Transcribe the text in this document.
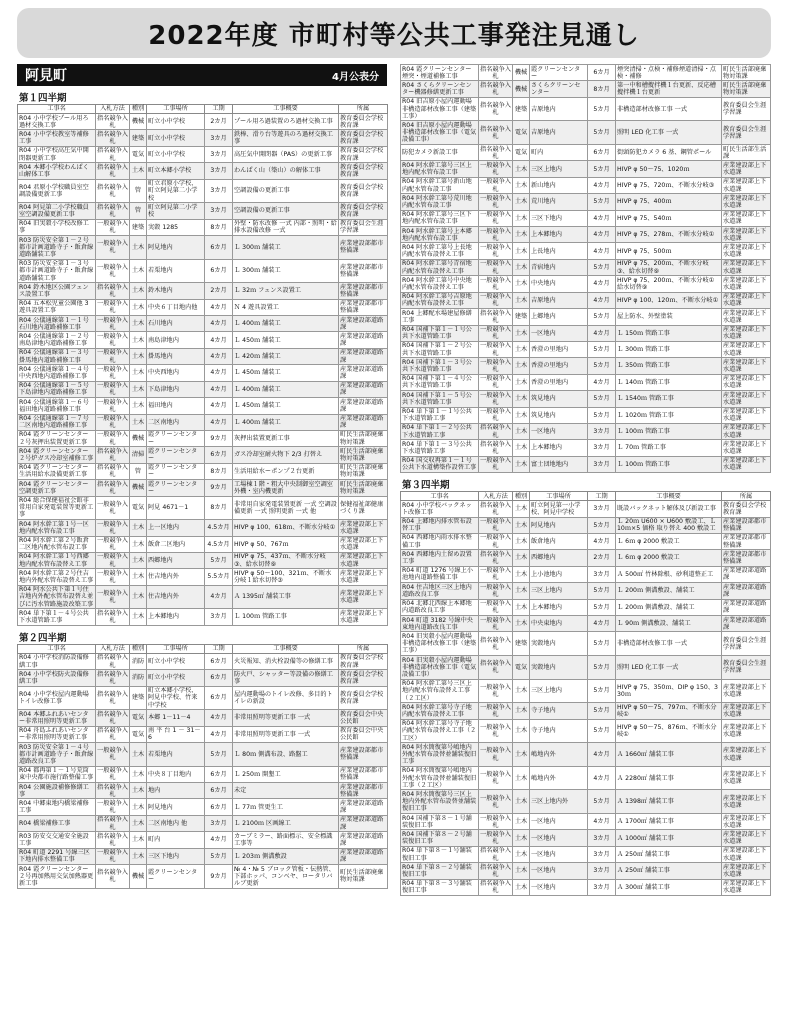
2022年度 市町村等公共工事発注見通し
阿見町	4月公表分
第１四半期
工事名	入札方法	種別	工事場所	工期	工事概要	所属
R04 小中学校プール用ろ過材交換工事	指名競争入札	機械	町立小中学校	2カ月	プール用ろ過装置のろ過材交換工事	教育委員会学校教育課
R04 小中学校教室等補修工事	指名競争入札	建築	町立小中学校	3カ月	鉄棒、滑り台等遊具のろ過材交換工事	教育委員会学校教育課
R04 小中学校高圧気中開閉器更新工事	指名競争入札	電気	町立小中学校	3カ月	高圧気中開閉器（PAS）の更新工事	教育委員会学校教育課
R04 本郷小学校わんぱく山解体工事	指名競争入札	土木	町立本郷小学校	3カ月	わんぱく山（築山）の解体工事	教育委員会学校教育課
R04 君原小学校職員室空調設備更新工事	指名競争入札	管	町立君原小学校、町立阿見第二小学校	3カ月	空調設備の更新工事	教育委員会学校教育課
R04 阿見第二小学校職員室空調設備更新工事	指名競争入札	管	町立阿見第二小学校	3カ月	空調設備の更新工事	教育委員会学校教育課
R04 旧実穀小学校改修工事	一般競争入札	建築	実穀 1285	8カ月	外壁・防水改修 一式 内部・照明・給排水設備改修 一式	教育委員会生涯学習課
R03 防災安全第１－２号都市計画道路寺子・飯倉線道路舗装工事	一般競争入札	土木	阿見地内	6カ月	Ｌ 300ｍ 舗装工	産業建設部都市整備課
R03 防災安全第１－３号都市計画道路寺子・飯倉線道路舗装工事	一般競争入札	土木	若栗地内	6カ月	Ｌ 300ｍ 舗装工	産業建設部都市整備課
R04 鈴木地区公園フェンス設置工事	指名競争入札	土木	鈴木地内	2カ月	Ｌ 32ｍ フェンス設置工	産業建設部都市整備課
R04 五本松児童公園他 3 遊具設置工事	一般競争入札	土木	中央６丁目地内他	4カ月	Ｎ 4 遊具設置工	産業建設部都市整備課
R04 公儀通線第１－１号石川地内道路補修工事	一般競争入札	土木	石川地内	4カ月	Ｌ 400ｍ 舗装工	産業建設部道路課
R04 公儀通線第１－２号南島津地内道路補修工事	一般競争入札	土木	南島津地内	4カ月	Ｌ 450ｍ 舗装工	産業建設部道路課
R04 公儀通線第１－３号掛馬地内道路補修工事	一般競争入札	土木	掛馬地内	4カ月	Ｌ 420ｍ 舗装工	産業建設部道路課
R04 公儀通線第１－４号中央西地内道路補修工事	一般競争入札	土木	中央西地内	4カ月	Ｌ 450ｍ 舗装工	産業建設部道路課
R04 公儀通線第１－５号下島津地内道路補修工事	一般競争入札	土木	下島津地内	4カ月	Ｌ 400ｍ 舗装工	産業建設部道路課
R04 公儀通線第１－６号福田地内道路補修工事	一般競争入札	土木	福田地内	4カ月	Ｌ 450ｍ 舗装工	産業建設部道路課
R04 公儀通線第１－７号二区南地内道路補修工事	一般競争入札	土木	二区南地内	4カ月	Ｌ 400ｍ 舗装工	産業建設部道路課
R04 霞クリーンセンター２号灰押出装置更新工事	一般競争入札	機械	霞クリーンセンター	9カ月	灰押出装置更新工事	町民生活部廃棄物対策課
R04 霞クリーンセンター２号炉ガス冷却室補修工事	指名競争入札	清掃	霞クリーンセンター	6カ月	ガス冷却室耐火物下 2/3 打替え	町民生活部廃棄物対策課
R04 霞クリーンセンター生活用給水設備更新工事	指名競争入札	管	霞クリーンセンター	8カ月	生活用給水ーポンプ２台更新	町民生活部廃棄物対策課
R04 霞クリーンセンター空調更新工事	指名競争入札	機械	霞クリーンセンター	9カ月	工場棟１階・粗大中央制御室空調室外機・室内機更新	町民生活部廃棄物対策課
R04 総合保健福祉会館非常用自家発電装置等更新工事	一般競争入札	電気	阿見 4671－1	8カ月	非常用自家発電装置更新 一式 空調設備更新 一式 照明更新 一式 他	保健福祉部健康づくり課
R04 阿水幹工第１号一区地内配水管布設工事	一般競争入札	土木	上一区地内	4.5カ月	HIVP φ 100、618ｍ、不断水分岐①	産業建設部上下水道課
R04 阿水幹工第２号飯倉二区地内配水管布設工事	一般競争入札	土木	飯倉二区地内	4.5カ月	HIVP φ 50、767ｍ	産業建設部上下水道課
R04 阿水幹工第１号西郷地内配水管布設替え工事	一般競争入札	土木	西郷地内	5カ月	HIVP φ 75、437ｍ、不断水分岐③、給水切替⑨	産業建設部上下水道課
R04 阿水幹工第２号住吉地内外配水管布設替え工事	一般競争入札	土木	住吉地内外	5.5カ月	HIVP φ 50～100、321ｍ、不断水分岐１給水切替③	産業建設部上下水道課
R04 阿水公共下第１号住吉地内外配水管布設替え並びに汚水管路施設改築工事	一般競争入札	土木	住吉地内外	4カ月	Ａ 1395㎡ 舗装工事	産業建設部上下水道課
R04 単下第１－４号公共下水道管路工事	指名競争入札	土木	上本郷地内	3カ月	Ｌ 100ｍ 管路工事	産業建設部上下水道課
第２四半期
工事名	入札方法	種別	工事場所	工期	工事概要	所属
R04 小中学校消防設備修繕工事	指名競争入札	消防	町立小中学校	6カ月	火災報知、消火栓設備等の修繕工事	教育委員会学校教育課
R04 小中学校防火設備修繕工事	指名競争入札	消防	町立小中学校	6カ月	防火戸、シャッター等設備の修繕工事	教育委員会学校教育課
R04 小中学校屋内運動場トイレ改修工事	指名競争入札	建築	町立本郷小学校、阿見中学校、竹来中学校	6カ月	屋内運動場のトイレ改修、多目的トイレの新設	教育委員会学校教育課
R04 本郷ふれあいセンター非常用照明等更新工事	指名競争入札	電気	本郷 1－11－4	4カ月	非常用照明等更新工事 一式	教育委員会中央公民館
R04 舟島ふれあいセンター非常用照明等更新工事	指名競争入札	電気	南 平 台 1 － 31－6	4カ月	非常用照明等更新工事 一式	教育委員会中央公民館
R03 防災安全第１－４号都市計画道路寺子・飯倉線道路改良工事	一般競争入札	土木	若栗地内	5カ月	Ｌ 80ｍ 側溝布設、路盤工	産業建設部都市整備課
R04 都再第１－１号荒筒東中央都市施行路整備工事	一般競争入札	土木	中央８丁目地内	6カ月	Ｌ 250ｍ 開墾工	産業建設部都市整備課
R04 公園施設補修修繕工事	指名競争入札	土木	地内	6カ月	未定	産業建設部都市整備課
R04 中郷東地内橋梁補修工事	一般競争入札	土木	阿見地内	6カ月	Ｌ 77ｍ 管更生工	産業建設部道路課
R04 橋梁補修工事	指名競争入札	土木	二区南地内 他	3カ月	Ｌ 2100ｍ 区画線工	産業建設部道路課
R03 防安交交通安全施設工事	指名競争入札	土木	町内	4カ月	カーブミラー、路面標示、安全標識工事等	産業建設部道路課
R04 町道 2291 号線三区下地内排水整備工事	一般競争入札	土木	三区下地内	5カ月	Ｌ 203ｍ 側溝敷設	産業建設部道路課
R04 霞クリーンセンター２号再加熱用交気加熱器更新工事	指名競争入札	機械	霞クリーンセンター	9カ月	№ 4・№ 5 ブロック管板・伝熱管、下部ホッパ、コンベヤ、ロータリバルブ更新	町民生活部廃棄物対策課
R04 霞クリーンセンター煙突・煙道補修工事	指名競争入札	機械	霞クリーンセンター	6カ月	煙突清掃・点検・補修煙道清掃・点検・補修	町民生活部廃棄物対策課
R04 さくらクリーンセンター機器修繕更新工事	指名競争入札	機械	さくらクリーンセンター	8カ月	第一中和槽攪拌機１台更新、反応槽攪拌機１台更新	町民生活部廃棄物対策課
R04 旧吉原小屋内運動場非構造部材改修工事（建築工事）	指名競争入札	建築	吉原地内	5カ月	非構造部材改修工事 一式	教育委員会生涯学習課
R04 旧吉原小屋内運動場非構造部材改修工事（電気設備工事）	指名競争入札	電気	吉原地内	5カ月	照明 LED 化工事 一式	教育委員会生涯学習課
防犯カメラ新設工事	指名競争入札	電気	町内	6カ月	街頭防犯カメラ 6 基、鋼管ポール	町民生活部生活課
R04 阿水幹工第号三区上地内配水管布設工事	一般競争入札	土木	三区上地内	5カ月	HIVP φ 50～75、1020ｍ	産業建設部上下水道課
R04 阿水幹工第号新山地内配水管布設工事	一般競争入札	土木	新山地内	4カ月	HIVP φ 75、720ｍ、不断水分岐③	産業建設部上下水道課
R04 阿水幹工第号荒川地内配水管布設工事	一般競争入札	土木	荒川地内	5カ月	HIVP φ 75、400ｍ	産業建設部上下水道課
R04 阿水幹工第号三区下地内配水管布設工事	一般競争入札	土木	三区下地内	4カ月	HIVP φ 75、540ｍ	産業建設部上下水道課
R04 阿水幹工第号上本郷地内配水管布設工事	一般競争入札	土木	上本郷地内	4カ月	HIVP φ 75、278ｍ、不断水分岐①	産業建設部上下水道課
R04 阿水幹工第号上長地内配水管布設替え工事	一般競争入札	土木	上長地内	4カ月	HIVP φ 75、500ｍ	産業建設部上下水道課
R04 阿水幹工第号青宿地内配水管布設替え工事	一般競争入札	土木	青宿地内	5カ月	HIVP φ 75、200ｍ、不断水分岐③、給水切替⑨	産業建設部上下水道課
R04 阿水幹工第号中央地内配水管布設替え工事	一般競争入札	土木	中央地内	4カ月	HIVP φ 75、200ｍ、不断水分岐①給水切替⑨	産業建設部上下水道課
R04 阿水幹工第号吉原地内配水管布設替え工事	一般競争入札	土木	吉原地内	4カ月	HIVP φ 100、120ｍ、不断水分岐①	産業建設部上下水道課
R04 上郷配水場建屋修繕工事	指名競争入札	建築	上郷地内	5カ月	屋上防水、外壁塗装	産業建設部上下水道課
R04 国補下第１－１号公共下水道管路工事	一般競争入札	土木	一区地内	4カ月	Ｌ 150ｍ 管路工事	産業建設部上下水道課
R04 国補下第１－２号公共下水道管路工事	一般競争入札	土木	香澄の里地内	5カ月	Ｌ 300ｍ 管路工事	産業建設部上下水道課
R04 国補下第１－３号公共下水道管路工事	一般競争入札	土木	香澄の里地内	5カ月	Ｌ 350ｍ 管路工事	産業建設部上下水道課
R04 国補下第１－４号公共下水道管路工事	一般競争入札	土木	香澄の里地内	4カ月	Ｌ 140ｍ 管路工事	産業建設部上下水道課
R04 国補下第１－５号公共下水道管路工事	一般競争入札	土木	筑見地内	5カ月	Ｌ 1540ｍ 管路工事	産業建設部上下水道課
R04 単下第１－１号公共下水道管路工事	一般競争入札	土木	筑見地内	5カ月	Ｌ 1020ｍ 管路工事	産業建設部上下水道課
R04 単下第１－２号公共下水道管路工事	指名競争入札	土木	一区地内	3カ月	Ｌ 100ｍ 管路工事	産業建設部上下水道課
R04 単下第１－３号公共下水道管路工事	指名競争入札	土木	上本郷地内	3カ月	Ｌ 70ｍ 管路工事	産業建設部上下水道課
R04 国交収再第１－１号公共下水道構築作設替工事	一般競争入札	土木	富士団地地内	3カ月	Ｌ 100ｍ 管路工事	産業建設部上下水道課
第３四半期
工事名	入札方法	種別	工事場所	工期	工事概要	所属
R04 小中学校バックネット改修工事	指名競争入札	土木	町立阿見第一小学校、阿見中学校	3カ月	既設バックネット解体及び新設工事	教育委員会学校教育課
R04 上郷地内排水管布設替工事	一般競争入札	土木	阿見地内	5カ月	Ｌ 20ｍ U600 × U600 敷設工、Ｌ 10ｍ×5 価格 取り替え 400 敷設工	産業建設部都市整備課
R04 西郷地内雨水排水整備工事	一般競争入札	土木	飯倉地内	4カ月	Ｌ 6ｍ φ 2000 敷設工	産業建設部都市整備課
R04 西郷地内土留め設置工事	指名競争入札	土木	西郷地内	2カ月	Ｌ 6ｍ φ 2000 敷設工	産業建設部都市整備課
R04 町道 1276 号線上小池地内道路整備工事	一般競争入札	土木	上小池地内	3カ月	Ａ 500㎡ 竹林除根、砂利道整正工	産業建設部道路課
R04 住吉地区三区上地内道路改良工事	一般競争入札	土木	三区上地内	5カ月	Ｌ 200ｍ 側溝敷設、舗装工	産業建設部道路課
R04 北郷北西線上本郷地内道路改良工事	一般競争入札	土木	上本郷地内	5カ月	Ｌ 200ｍ 側溝敷設、舗装工	産業建設部道路課
R04 町道 3182 号線中央東地内道路改良工事	一般競争入札	土木	中央東地内	4カ月	Ｌ 90ｍ 側溝敷設、舗装工	産業建設部道路課
R04 旧実穀小屋内運動場非構造部材改修工事（建築工事）	指名競争入札	建築	実穀地内	5カ月	非構造部材改修工事 一式	教育委員会生涯学習課
R04 旧実穀小屋内運動場非構造部材改修工事（電気設備工事）	指名競争入札	電気	実穀地内	5カ月	照明 LED 化工事 一式	教育委員会生涯学習課
R04 阿水幹工第号三区上地内配水管布設替え工事（２工区）	一般競争入札	土木	三区上地内	5カ月	HIVP φ 75、350ｍ、DIP φ 150、330ｍ	産業建設部上下水道課
R04 阿水幹工第号寺子地内配水管布設替え工事	一般競争入札	土木	寺子地内	5カ月	HIVP φ 50～75、797ｍ、不断水分岐①	産業建設部上下水道課
R04 阿水幹工第号寺子地内配水管布設替え工事（２工区）	一般競争入札	土木	寺子地内	5カ月	HIVP φ 50～75、876ｍ、不断水分岐①	産業建設部上下水道課
R04 阿水簡復第号嶋地内外配水管布設替並舗装復旧工事	一般競争入札	土木	嶋地内外	4カ月	Ａ 1660㎡ 舗装工事	産業建設部上下水道課
R04 阿水簡復第号嶋地内外配水管布設替並舗装復旧工事（２工区）	一般競争入札	土木	嶋地内外	4カ月	Ａ 2280㎡ 舗装工事	産業建設部上下水道課
R04 阿水簡復第号三区上地内外配水管布設替並舗装復旧工事	一般競争入札	土木	三区上地内外	5カ月	Ａ 1398㎡ 舗装工事	産業建設部上下水道課
R04 国補下第８－１号舗装復旧工事	一般競争入札	土木	一区地内	4カ月	Ａ 1700㎡ 舗装工事	産業建設部上下水道課
R04 国補下第８－２号舗装復旧工事	一般競争入札	土木	一区地内	3カ月	Ａ 1000㎡ 舗装工事	産業建設部上下水道課
R04 単下第８－１号舗装復旧工事	指名競争入札	土木	一区地内	3カ月	Ａ 250㎡ 舗装工事	産業建設部上下水道課
R04 単下第８－２号舗装復旧工事	指名競争入札	土木	一区地内	3カ月	Ａ 250㎡ 舗装工事	産業建設部上下水道課
R04 単下第８－３号舗装復旧工事	指名競争入札	土木	一区地内	3カ月	Ａ 300㎡ 舗装工事	産業建設部上下水道課
